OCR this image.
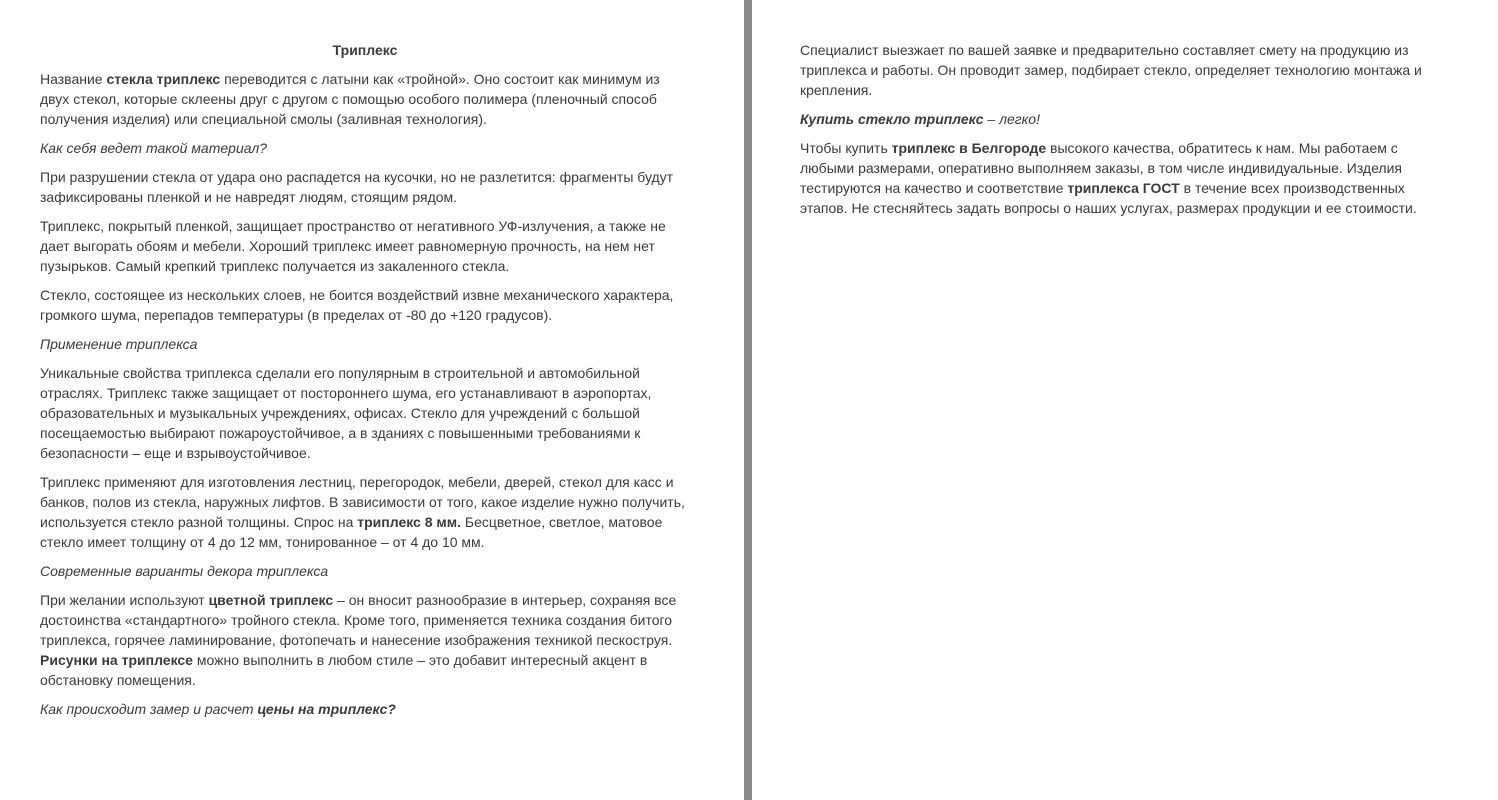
Триплекс

Название стекла триплекс переводится с латыни как «тройной». Оно состоит как минимум из двух стекол, которые склеены друг с другом с помощью особого полимера (пленочный способ получения изделия) или специальной смолы (заливная технология).

Как себя ведет такой материал?

При разрушении стекла от удара оно распадется на кусочки, но не разлетится: фрагменты будут зафиксированы пленкой и не навредят людям, стоящим рядом.

Триплекс, покрытый пленкой, защищает пространство от негативного УФ-излучения, а также не дает выгорать обоям и мебели. Хороший триплекс имеет равномерную прочность, на нем нет пузырьков. Самый крепкий триплекс получается из закаленного стекла.

Стекло, состоящее из нескольких слоев, не боится воздействий извне механического характера, громкого шума, перепадов температуры (в пределах от -80 до +120 градусов).

Применение триплекса

Уникальные свойства триплекса сделали его популярным в строительной и автомобильной отраслях. Триплекс также защищает от постороннего шума, его устанавливают в аэропортах, образовательных и музыкальных учреждениях, офисах. Стекло для учреждений с большой посещаемостью выбирают пожароустойчивое, а в зданиях с повышенными требованиями к безопасности – еще и взрывоустойчивое.

Триплекс применяют для изготовления лестниц, перегородок, мебели, дверей, стекол для касс и банков, полов из стекла, наружных лифтов. В зависимости от того, какое изделие нужно получить, используется стекло разной толщины. Спрос на триплекс 8 мм. Бесцветное, светлое, матовое стекло имеет толщину от 4 до 12 мм, тонированное – от 4 до 10 мм.

Современные варианты декора триплекса

При желании используют цветной триплекс – он вносит разнообразие в интерьер, сохраняя все достоинства «стандартного» тройного стекла. Кроме того, применяется техника создания битого триплекса, горячее ламинирование, фотопечать и нанесение изображения техникой пескоструя. Рисунки на триплексе можно выполнить в любом стиле – это добавит интересный акцент в обстановку помещения.

Как происходит замер и расчет цены на триплекс?

Специалист выезжает по вашей заявке и предварительно составляет смету на продукцию из триплекса и работы. Он проводит замер, подбирает стекло, определяет технологию монтажа и крепления.

Купить стекло триплекс – легко!

Чтобы купить триплекс в Белгороде высокого качества, обратитесь к нам. Мы работаем с любыми размерами, оперативно выполняем заказы, в том числе индивидуальные. Изделия тестируются на качество и соответствие триплекса ГОСТ в течение всех производственных этапов. Не стесняйтесь задать вопросы о наших услугах, размерах продукции и ее стоимости.
